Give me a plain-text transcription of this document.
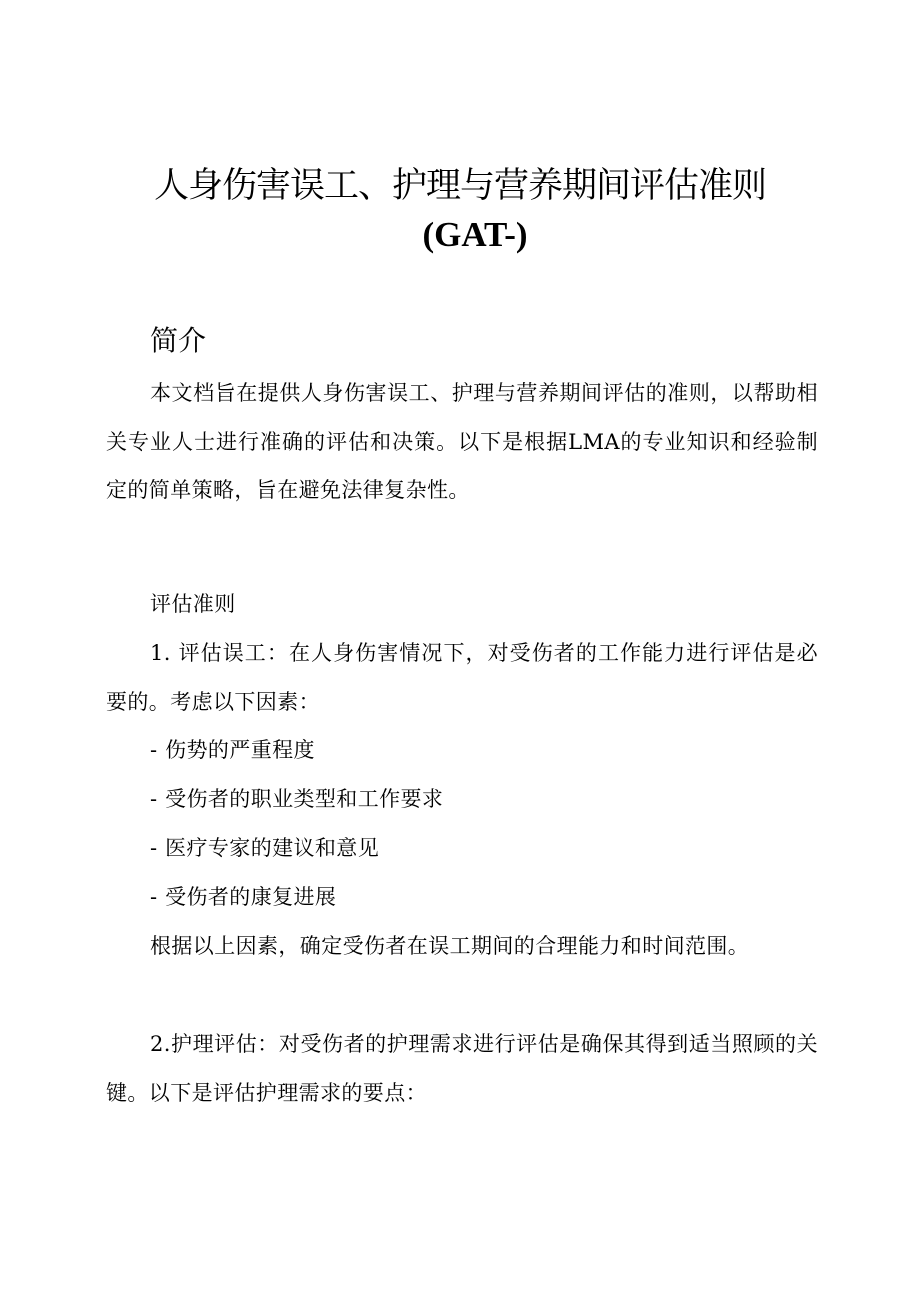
人身伤害误工、护理与营养期间评估准则
(GAT-)
简介

本文档旨在提供人身伤害误工、护理与营养期间评估的准则，以帮助相关专业人士进行准确的评估和决策。以下是根据LMA的专业知识和经验制定的简单策略，旨在避免法律复杂性。

评估准则

1. 评估误工：在人身伤害情况下，对受伤者的工作能力进行评估是必要的。考虑以下因素：

- 伤势的严重程度
- 受伤者的职业类型和工作要求
- 医疗专家的建议和意见
- 受伤者的康复进展
根据以上因素，确定受伤者在误工期间的合理能力和时间范围。

2.护理评估：对受伤者的护理需求进行评估是确保其得到适当照顾的关键。以下是评估护理需求的要点：
